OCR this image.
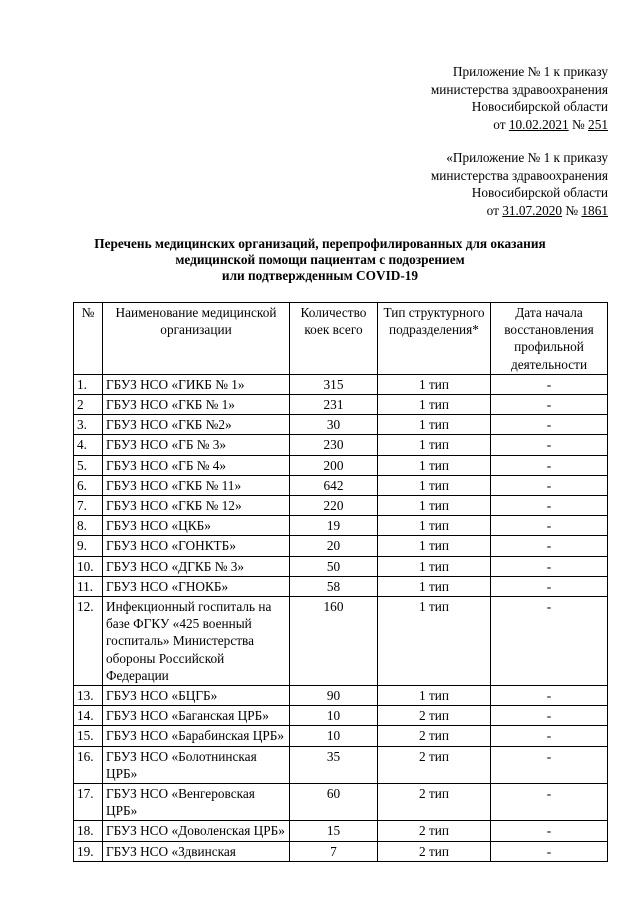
Приложение № 1 к приказу
министерства здравоохранения
Новосибирской области
от 10.02.2021 № 251
«Приложение № 1 к приказу
министерства здравоохранения
Новосибирской области
от 31.07.2020 № 1861
Перечень медицинских организаций, перепрофилированных для оказания
медицинской помощи пациентам с подозрением
или подтвержденным COVID-19
№	Наименование медицинской организации	Количество коек всего	Тип структурного подразделения*	Дата начала восстановления профильной деятельности
1.	ГБУЗ НСО «ГИКБ № 1»	315	1 тип	-
2	ГБУЗ НСО «ГКБ № 1»	231	1 тип	-
3.	ГБУЗ НСО «ГКБ №2»	30	1 тип	-
4.	ГБУЗ НСО «ГБ № 3»	230	1 тип	-
5.	ГБУЗ НСО «ГБ № 4»	200	1 тип	-
6.	ГБУЗ НСО «ГКБ № 11»	642	1 тип	-
7.	ГБУЗ НСО «ГКБ № 12»	220	1 тип	-
8.	ГБУЗ НСО «ЦКБ»	19	1 тип	-
9.	ГБУЗ НСО «ГОНКТБ»	20	1 тип	-
10.	ГБУЗ НСО «ДГКБ № 3»	50	1 тип	-
11.	ГБУЗ НСО «ГНОКБ»	58	1 тип	-
12.	Инфекционный госпиталь на базе ФГКУ «425 военный госпиталь» Министерства обороны Российской Федерации	160	1 тип	-
13.	ГБУЗ НСО «БЦГБ»	90	1 тип	-
14.	ГБУЗ НСО «Баганская ЦРБ»	10	2 тип	-
15.	ГБУЗ НСО «Барабинская ЦРБ»	10	2 тип	-
16.	ГБУЗ НСО «Болотнинская ЦРБ»	35	2 тип	-
17.	ГБУЗ НСО «Венгеровская ЦРБ»	60	2 тип	-
18.	ГБУЗ НСО «Доволенская ЦРБ»	15	2 тип	-
19.	ГБУЗ НСО «Здвинская	7	2 тип	-
